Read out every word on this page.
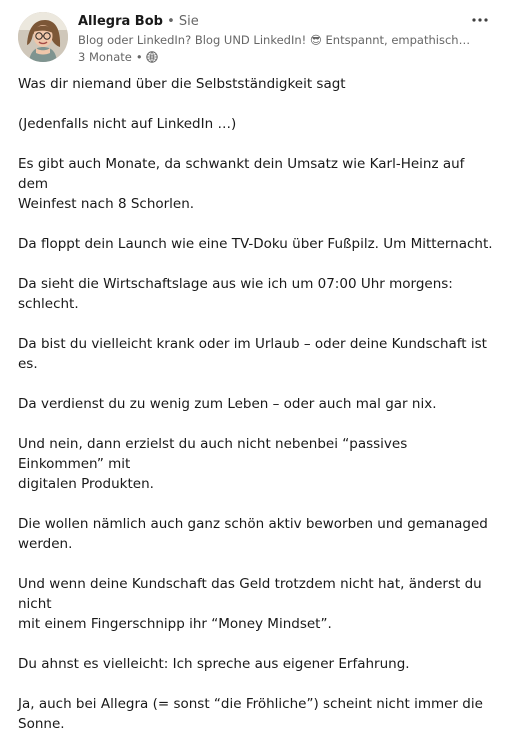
Allegra Bob • Sie
Blog oder LinkedIn? Blog UND LinkedIn! 😎 Entspannt, empathisch ...
3 Monate •

Was dir niemand über die Selbstständigkeit sagt

(Jedenfalls nicht auf LinkedIn …)

Es gibt auch Monate, da schwankt dein Umsatz wie Karl-Heinz auf dem
Weinfest nach 8 Schorlen.

Da floppt dein Launch wie eine TV-Doku über Fußpilz. Um Mitternacht.

Da sieht die Wirtschaftslage aus wie ich um 07:00 Uhr morgens: schlecht.

Da bist du vielleicht krank oder im Urlaub – oder deine Kundschaft ist es.

Da verdienst du zu wenig zum Leben – oder auch mal gar nix.

Und nein, dann erzielst du auch nicht nebenbei “passives Einkommen” mit
digitalen Produkten.

Die wollen nämlich auch ganz schön aktiv beworben und gemanaged
werden.

Und wenn deine Kundschaft das Geld trotzdem nicht hat, änderst du nicht
mit einem Fingerschnipp ihr “Money Mindset”.

Du ahnst es vielleicht: Ich spreche aus eigener Erfahrung.

Ja, auch bei Allegra (= sonst “die Fröhliche”) scheint nicht immer die Sonne.
